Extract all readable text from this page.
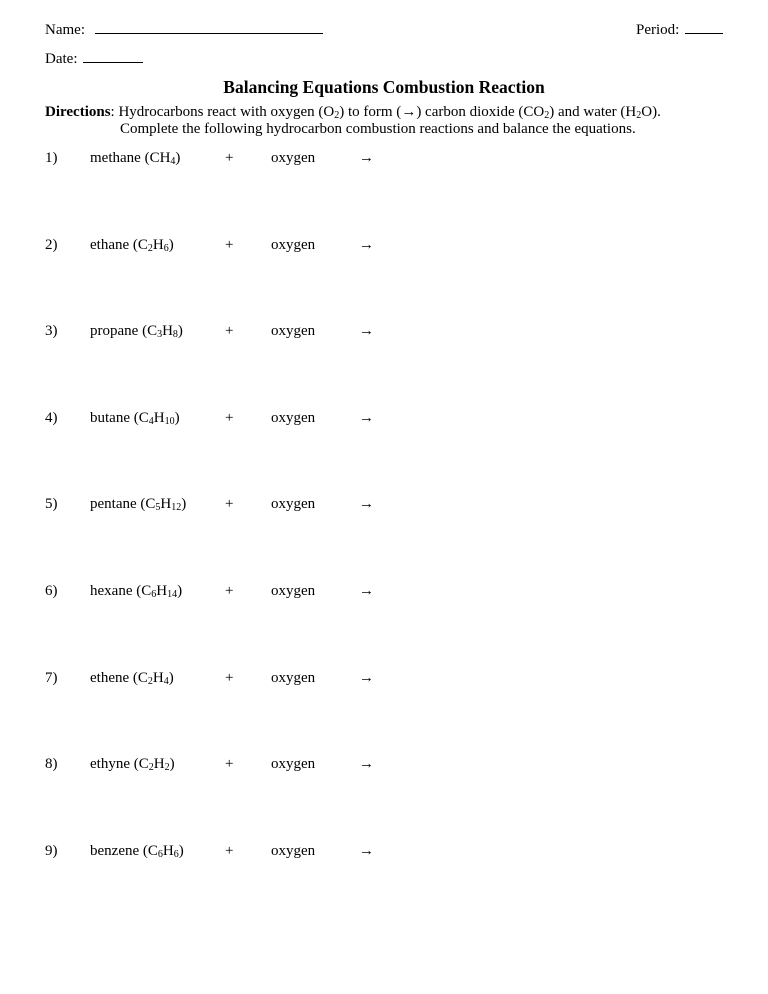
Name:	Period:
Date:
Balancing Equations Combustion Reaction
Directions: Hydrocarbons react with oxygen $(O_2)$ to form (→) carbon dioxide $(CO_2)$ and water $(H_2O)$.
Complete the following hydrocarbon combustion reactions and balance the equations.
1) methane $(CH_4)$	+	oxygen	→
2) ethane $(C_2H_6)$	+	oxygen	→
3) propane $(C_3H_8)$	+	oxygen	→
4) butane $(C_4H_{10})$	+	oxygen	→
5) pentane $(C_5H_{12})$	+	oxygen	→
6) hexane $(C_6H_{14})$	+	oxygen	→
7) ethene $(C_2H_4)$	+	oxygen	→
8) ethyne $(C_2H_2)$	+	oxygen	→
9) benzene $(C_6H_6)$	+	oxygen	→
